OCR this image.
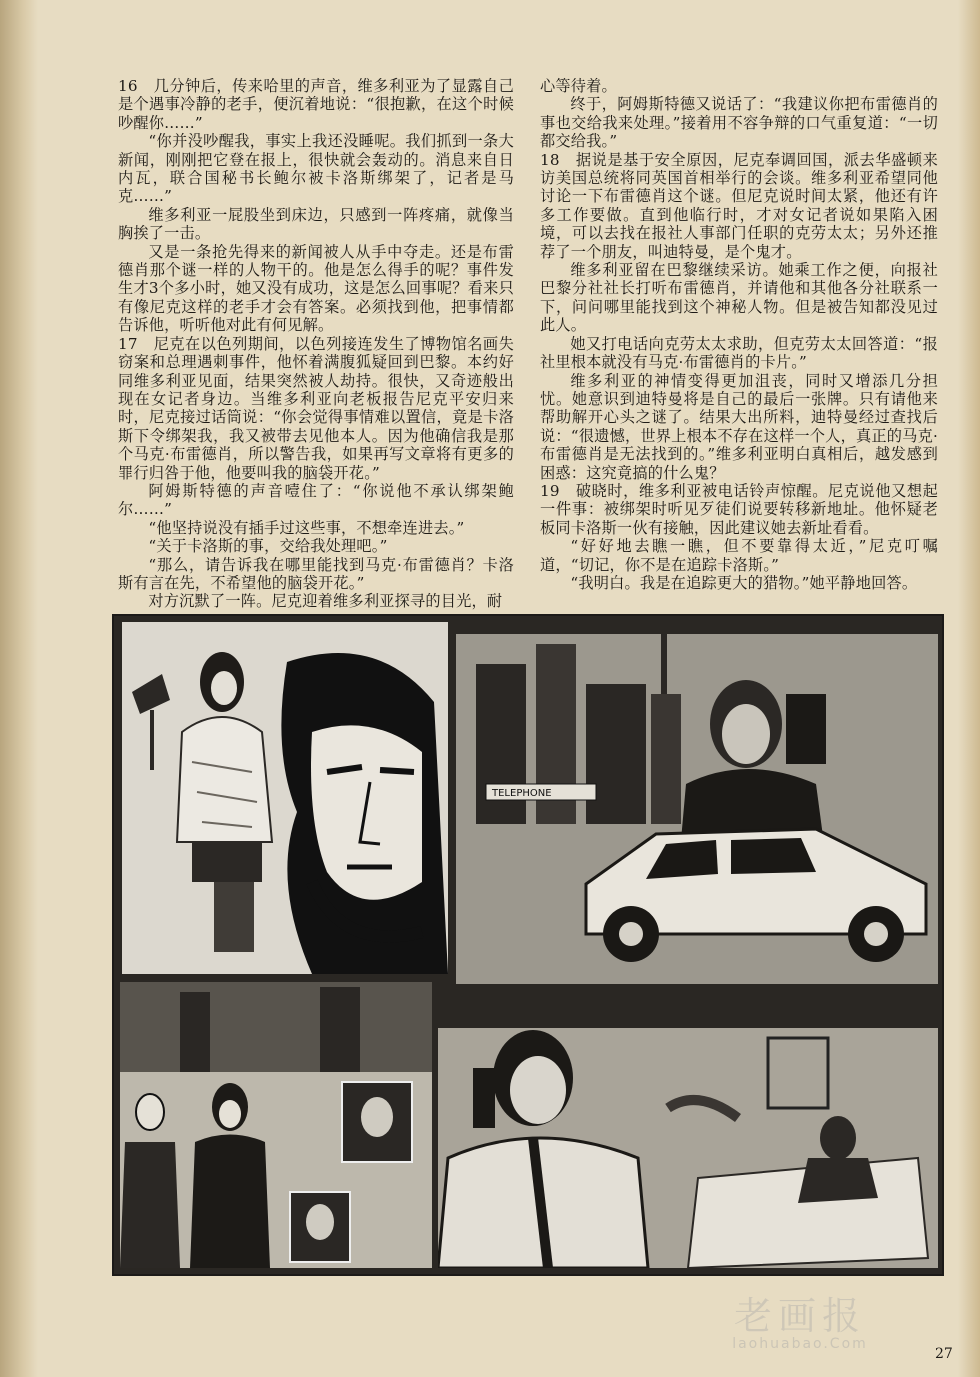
16　几分钟后，传来哈里的声音，维多利亚为了显露自己是个遇事冷静的老手，便沉着地说：“很抱歉，在这个时候吵醒你……”

“你并没吵醒我，事实上我还没睡呢。我们抓到一条大新闻，刚刚把它登在报上，很快就会轰动的。消息来自日内瓦，联合国秘书长鲍尔被卡洛斯绑架了，记者是马克……”

维多利亚一屁股坐到床边，只感到一阵疼痛，就像当胸挨了一击。

又是一条抢先得来的新闻被人从手中夺走。还是布雷德肖那个谜一样的人物干的。他是怎么得手的呢？事件发生才3个多小时，她又没有成功，这是怎么回事呢？看来只有像尼克这样的老手才会有答案。必须找到他，把事情都告诉他，听听他对此有何见解。

17　尼克在以色列期间，以色列接连发生了博物馆名画失窃案和总理遇刺事件，他怀着满腹狐疑回到巴黎。本约好同维多利亚见面，结果突然被人劫持。很快，又奇迹般出现在女记者身边。当维多利亚向老板报告尼克平安归来时，尼克接过话筒说：“你会觉得事情难以置信，竟是卡洛斯下令绑架我，我又被带去见他本人。因为他确信我是那个马克·布雷德肖，所以警告我，如果再写文章将有更多的罪行归咎于他，他要叫我的脑袋开花。”

阿姆斯特德的声音噎住了：“你说他不承认绑架鲍尔……”

“他坚持说没有插手过这些事，不想牵连进去。”

“关于卡洛斯的事，交给我处理吧。”

“那么，请告诉我在哪里能找到马克·布雷德肖？卡洛斯有言在先，不希望他的脑袋开花。”

对方沉默了一阵。尼克迎着维多利亚探寻的目光，耐

心等待着。

终于，阿姆斯特德又说话了：“我建议你把布雷德肖的事也交给我来处理。”接着用不容争辩的口气重复道：“一切都交给我。”

18　据说是基于安全原因，尼克奉调回国，派去华盛顿来访美国总统将同英国首相举行的会谈。维多利亚希望同他讨论一下布雷德肖这个谜。但尼克说时间太紧，他还有许多工作要做。直到他临行时，才对女记者说如果陷入困境，可以去找在报社人事部门任职的克劳太太；另外还推荐了一个朋友，叫迪特曼，是个鬼才。

维多利亚留在巴黎继续采访。她乘工作之便，向报社巴黎分社社长打听布雷德肖，并请他和其他各分社联系一下，问问哪里能找到这个神秘人物。但是被告知都没见过此人。

她又打电话向克劳太太求助，但克劳太太回答道：“报社里根本就没有马克·布雷德肖的卡片。”

维多利亚的神情变得更加沮丧，同时又增添几分担忧。她意识到迪特曼将是自己的最后一张牌。只有请他来帮助解开心头之谜了。结果大出所料，迪特曼经过查找后说：“很遗憾，世界上根本不存在这样一个人，真正的马克·布雷德肖是无法找到的。”维多利亚明白真相后，越发感到困惑：这究竟搞的什么鬼？

19　破晓时，维多利亚被电话铃声惊醒。尼克说他又想起一件事：被绑架时听见歹徒们说要转移新地址。他怀疑老板同卡洛斯一伙有接触，因此建议她去新址看看。

“好好地去瞧一瞧，但不要靠得太近，”尼克叮嘱道，“切记，你不是在追踪卡洛斯。”

“我明白。我是在追踪更大的猎物。”她平静地回答。

TELEPHONE
老画报
laohuabao.Com
27
